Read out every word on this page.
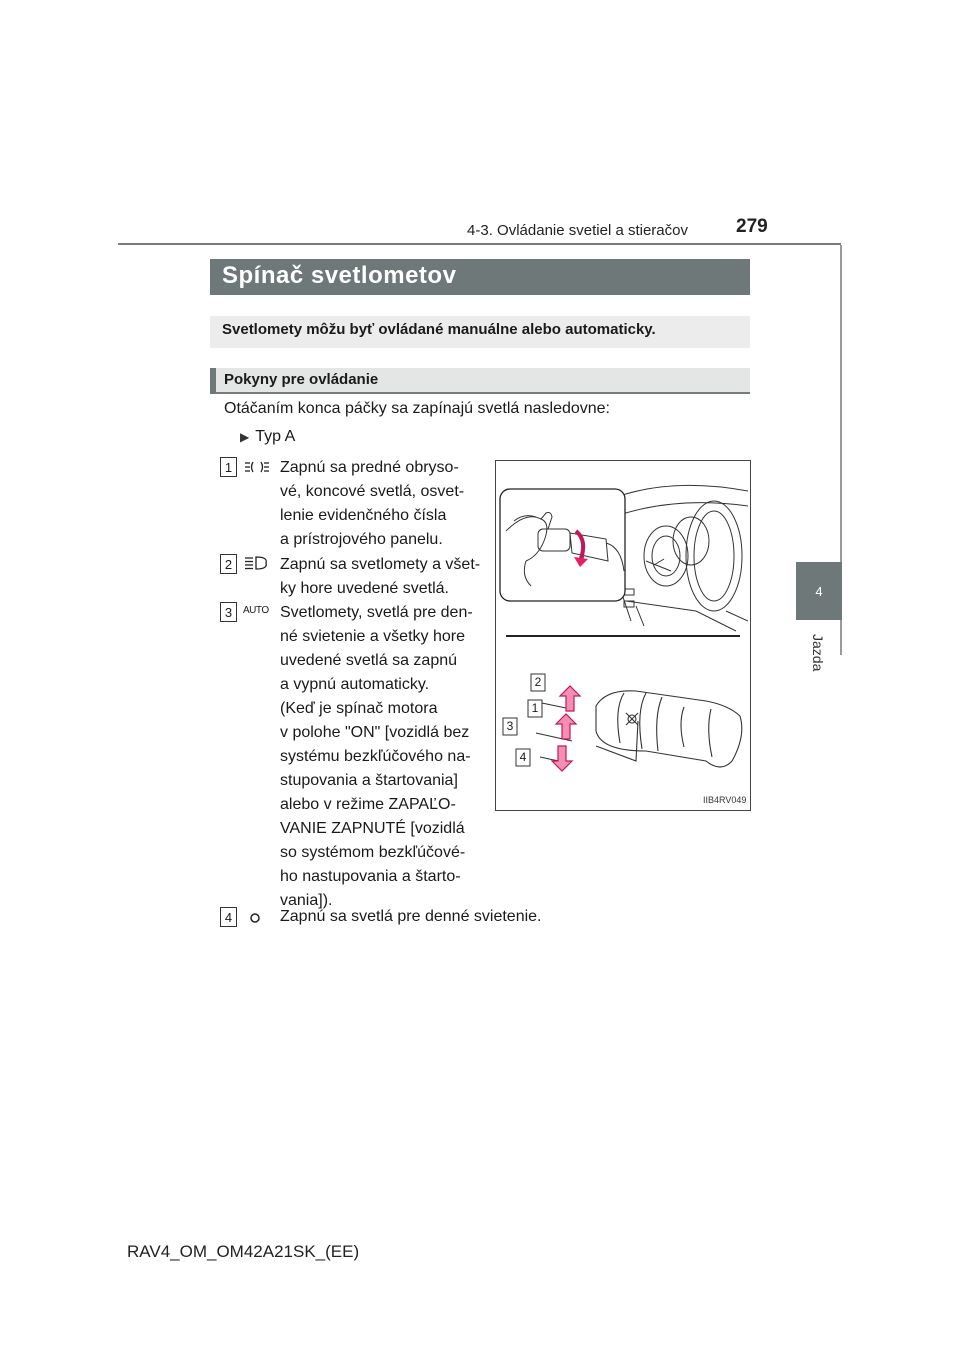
4-3. Ovládanie svetiel a stieračov	279
4
Jazda
Spínač svetlometov
Svetlomety môžu byť ovládané manuálne alebo automaticky.
Pokyny pre ovládanie
Otáčaním konca páčky sa zapínajú svetlá nasledovne:
▶ Typ A
1	Zapnú sa predné obryso-
vé, koncové svetlá, osvet-
lenie evidenčného čísla
a prístrojového panelu.
2	Zapnú sa svetlomety a všet-
ky hore uvedené svetlá.
3	AUTO Svetlomety, svetlá pre den-
né svietenie a všetky hore
uvedené svetlá sa zapnú
a vypnú automaticky.
(Keď je spínač motora
v polohe "ON" [vozidlá bez
systému bezkľúčového na-
stupovania a štartovania]
alebo v režime ZAPAĽO-
VANIE ZAPNUTÉ [vozidlá
so systémom bezkľúčové-
ho nastupovania a štarto-
vania]).
4	Zapnú sa svetlá pre denné svietenie.
2
1
3
4
IIB4RV049
RAV4_OM_OM42A21SK_(EE)
